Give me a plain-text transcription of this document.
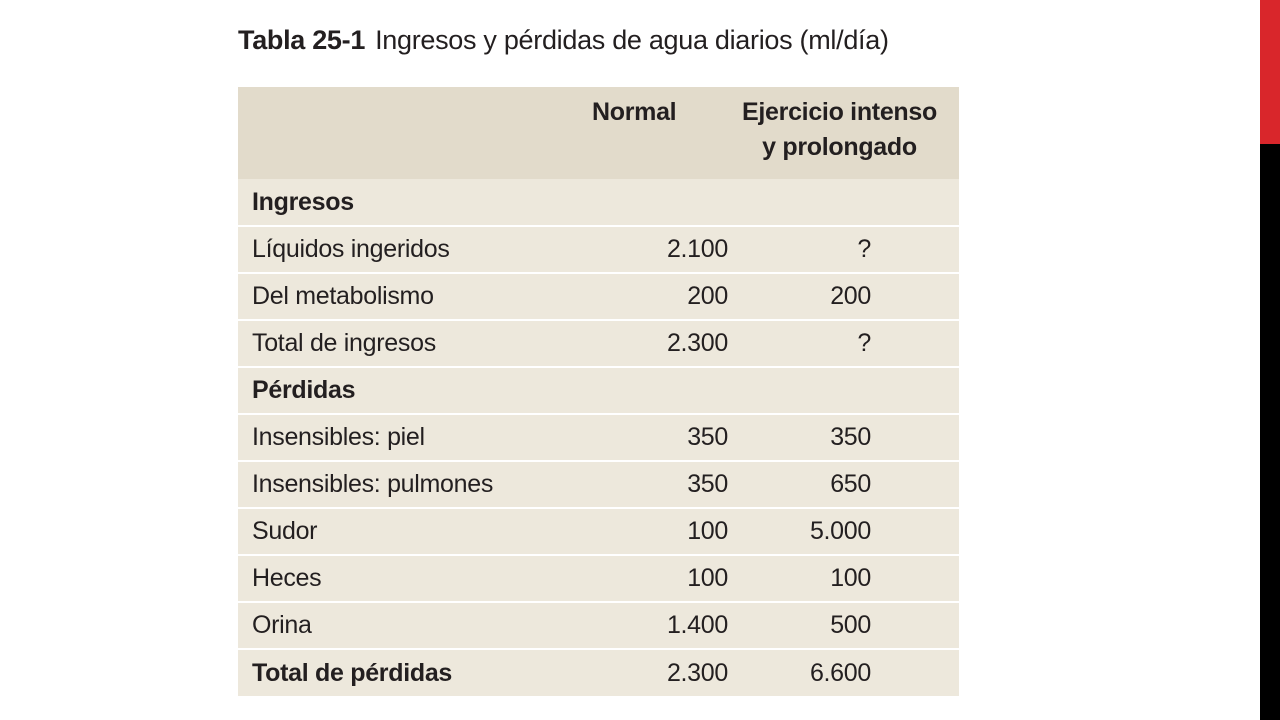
Tabla 25-1 Ingresos y pérdidas de agua diarios (ml/día)
	Normal	Ejercicio intenso
y prolongado
Ingresos		
Líquidos ingeridos	2.100	?
Del metabolismo	200	200
Total de ingresos	2.300	?
Pérdidas		
Insensibles: piel	350	350
Insensibles: pulmones	350	650
Sudor	100	5.000
Heces	100	100
Orina	1.400	500
Total de pérdidas	2.300	6.600
